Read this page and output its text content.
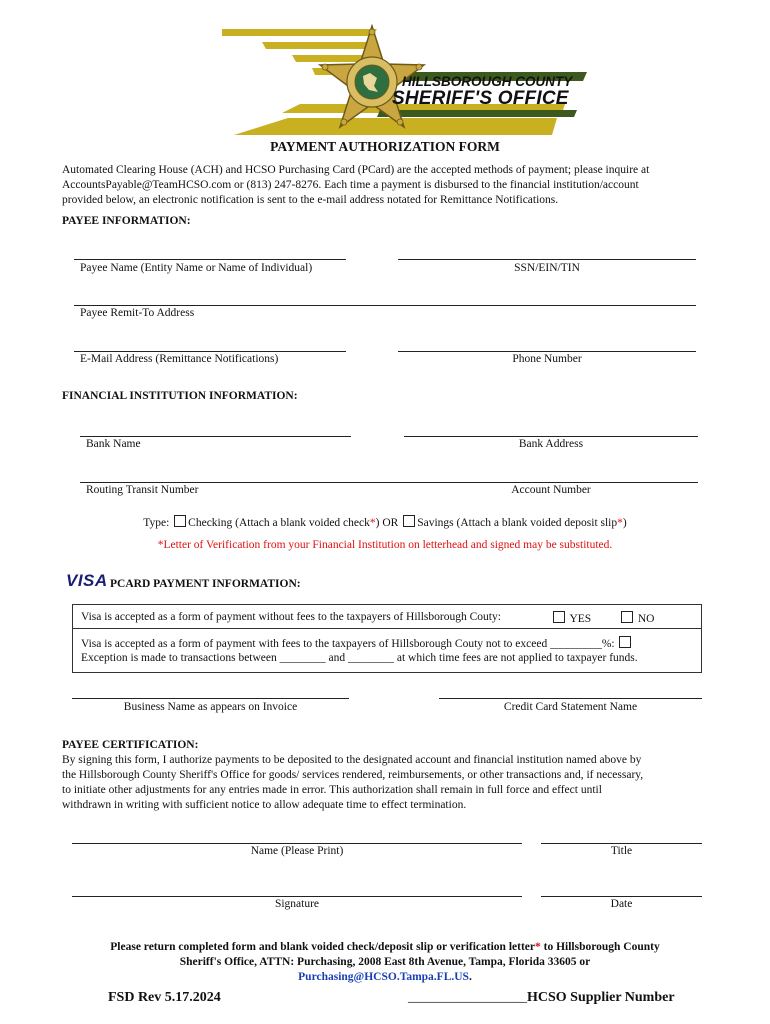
HILLSBOROUGH COUNTY
SHERIFF'S OFFICE
PAYMENT AUTHORIZATION FORM
Automated Clearing House (ACH) and HCSO Purchasing Card (PCard) are the accepted methods of payment; please inquire at
AccountsPayable@TeamHCSO.com or (813) 247-8276. Each time a payment is disbursed to the financial institution/account
provided below, an electronic notification is sent to the e-mail address notated for Remittance Notifications.
PAYEE INFORMATION:
Payee Name (Entity Name or Name of Individual)	SSN/EIN/TIN
Payee Remit-To Address
E-Mail Address (Remittance Notifications)	Phone Number
FINANCIAL INSTITUTION INFORMATION:
Bank Name	Bank Address
Routing Transit Number	Account Number
Type: Checking (Attach a blank voided check*) OR Savings (Attach a blank voided deposit slip*)
*Letter of Verification from your Financial Institution on letterhead and signed may be substituted.
VISA PCARD PAYMENT INFORMATION:
Visa is accepted as a form of payment without fees to the taxpayers of Hillsborough Couty:	YES	NO
Visa is accepted as a form of payment with fees to the taxpayers of Hillsborough Couty not to exceed _________%:
Exception is made to transactions between ________ and ________ at which time fees are not applied to taxpayer funds.
Business Name as appears on Invoice	Credit Card Statement Name
PAYEE CERTIFICATION:
By signing this form, I authorize payments to be deposited to the designated account and financial institution named above by
the Hillsborough County Sheriff's Office for goods/ services rendered, reimbursements, or other transactions and, if necessary,
to initiate other adjustments for any entries made in error. This authorization shall remain in full force and effect until
withdrawn in writing with sufficient notice to allow adequate time to effect termination.
Name (Please Print)	Title
Signature	Date
Please return completed form and blank voided check/deposit slip or verification letter* to Hillsborough County
Sheriff's Office, ATTN: Purchasing, 2008 East 8th Avenue, Tampa, Florida 33605 or
Purchasing@HCSO.Tampa.FL.US.
FSD Rev 5.17.2024	_________________HCSO Supplier Number
